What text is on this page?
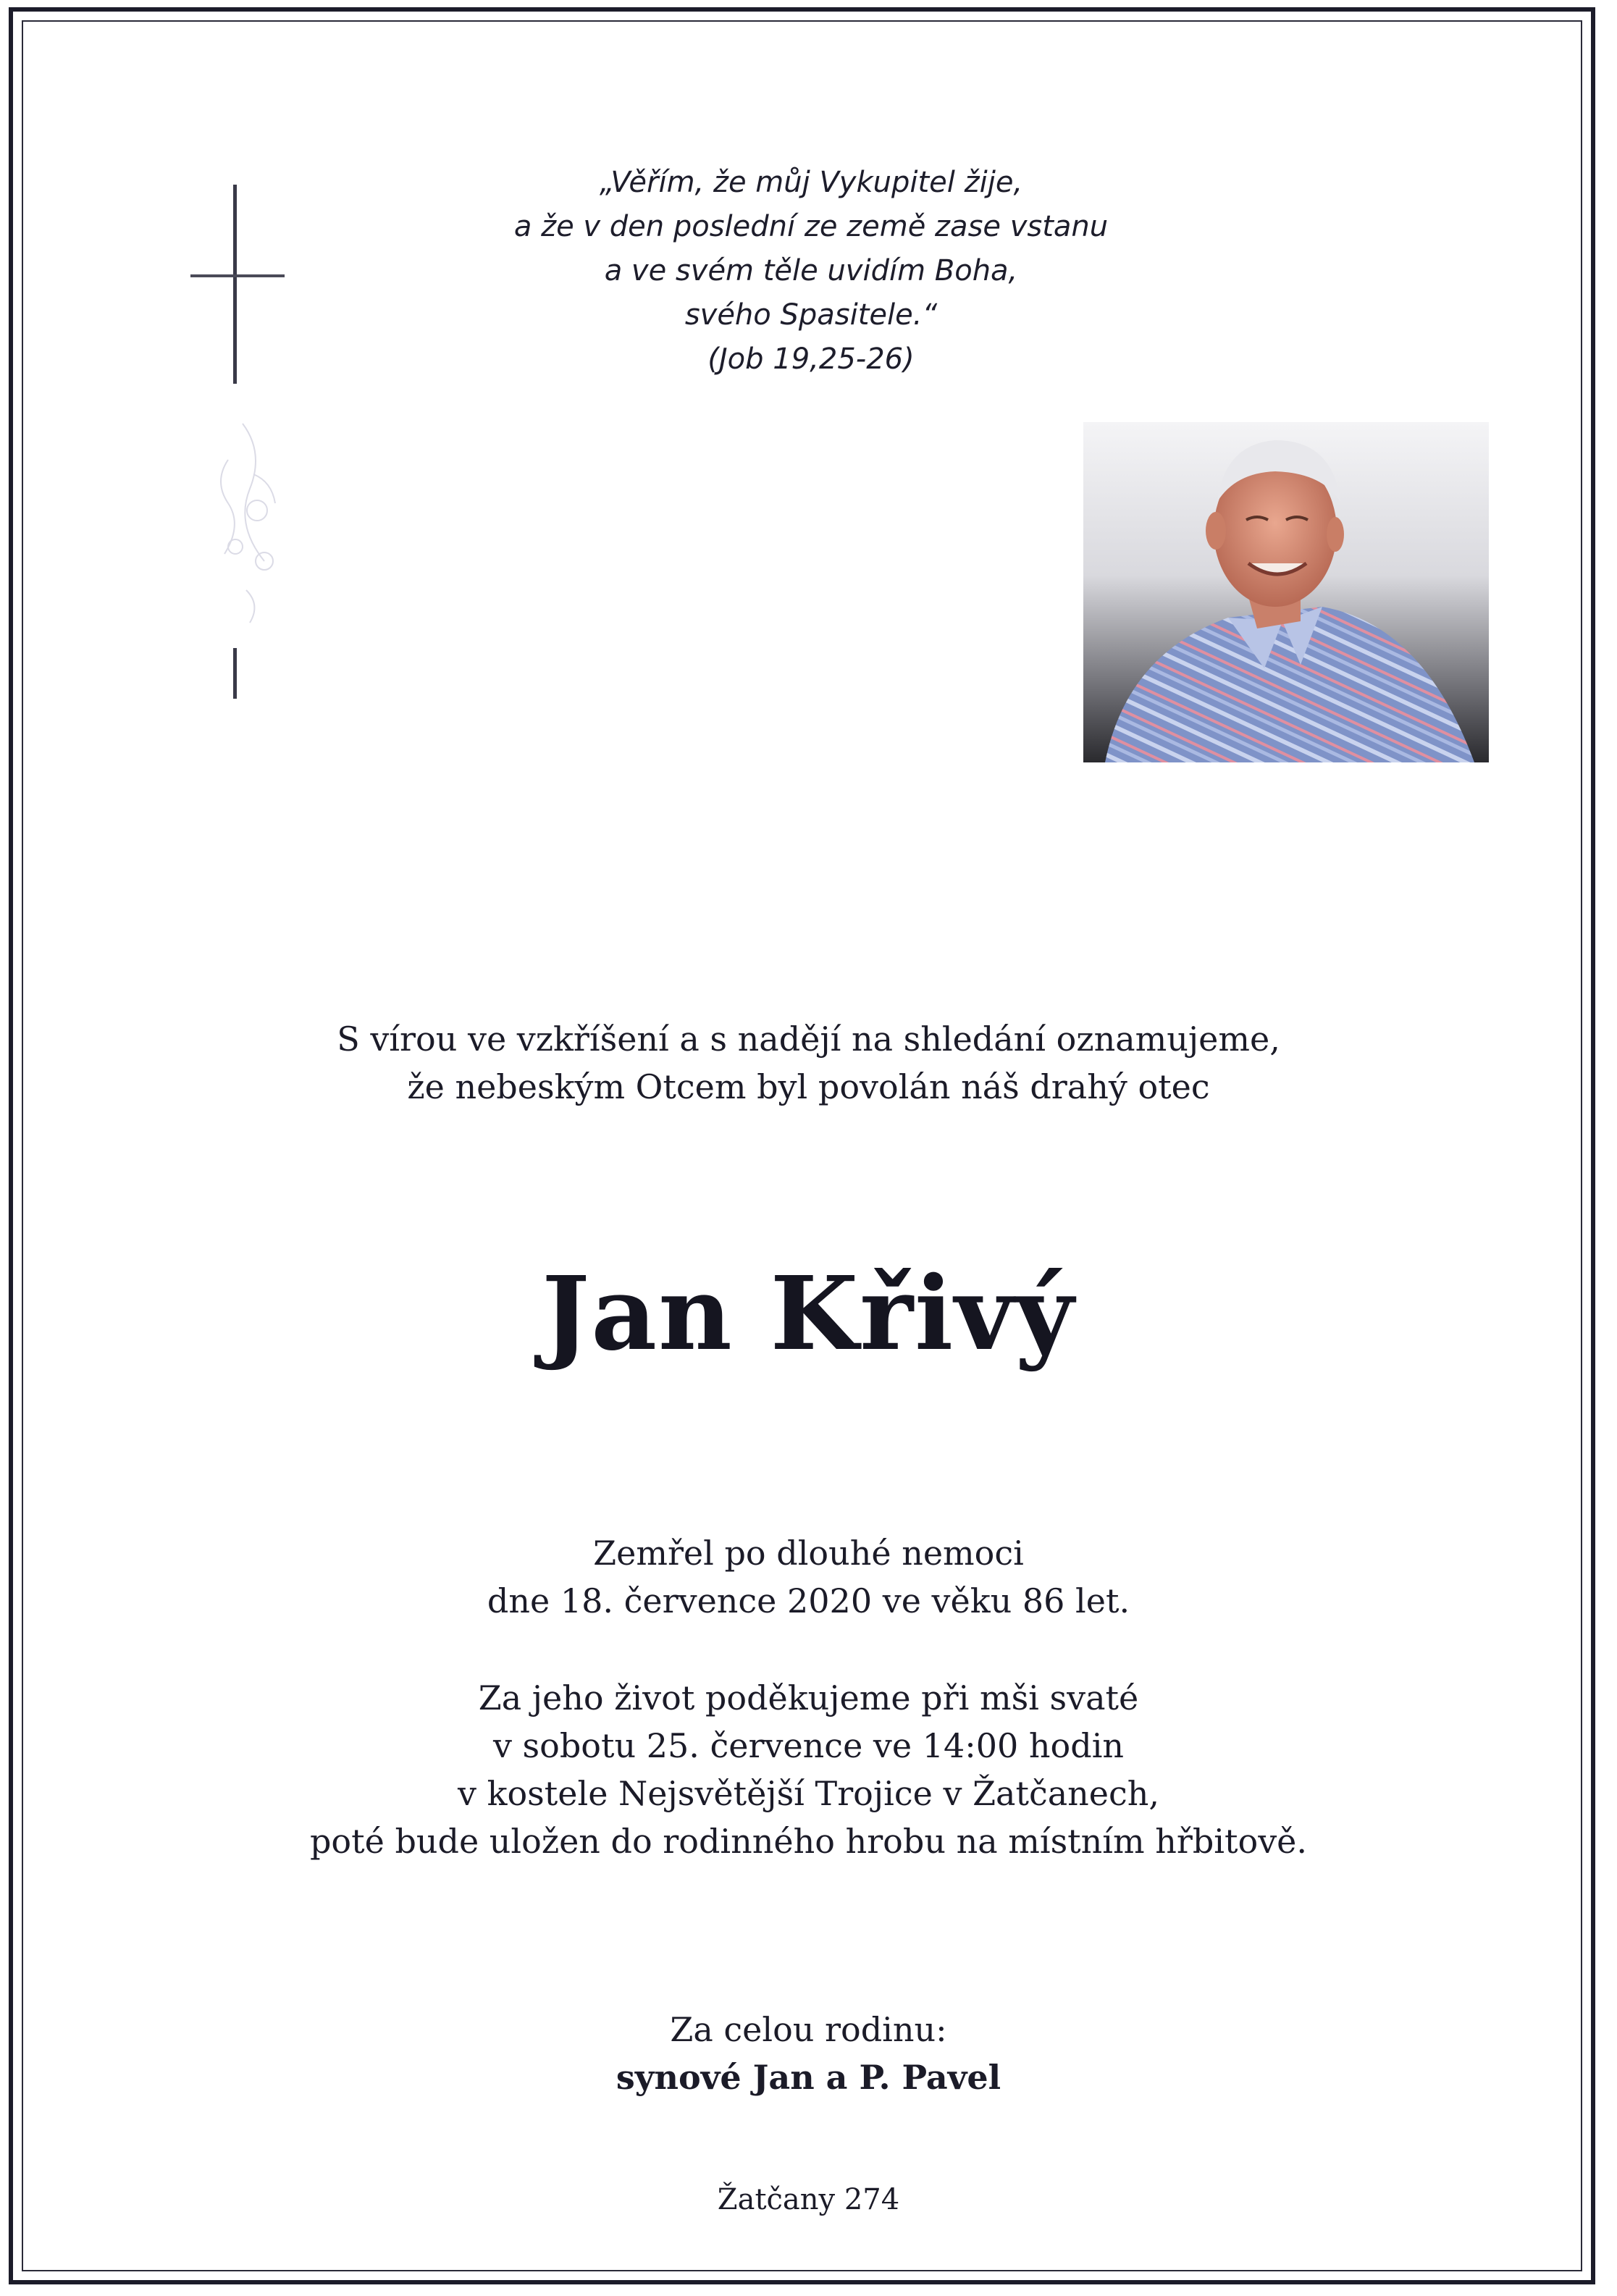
„Věřím, že můj Vykupitel žije,
a že v den poslední ze země zase vstanu
a ve svém těle uvidím Boha,
svého Spasitele.“
(Job 19,25-26)
S vírou ve vzkříšení a s nadějí na shledání oznamujeme,
že nebeským Otcem byl povolán náš drahý otec
Jan Křivý
Zemřel po dlouhé nemoci
dne 18. července 2020 ve věku 86 let.
Za jeho život poděkujeme při mši svaté
v sobotu 25. července ve 14:00 hodin
v kostele Nejsvětější Trojice v Žatčanech,
poté bude uložen do rodinného hrobu na místním hřbitově.
Za celou rodinu:
synové Jan a P. Pavel
Žatčany 274
